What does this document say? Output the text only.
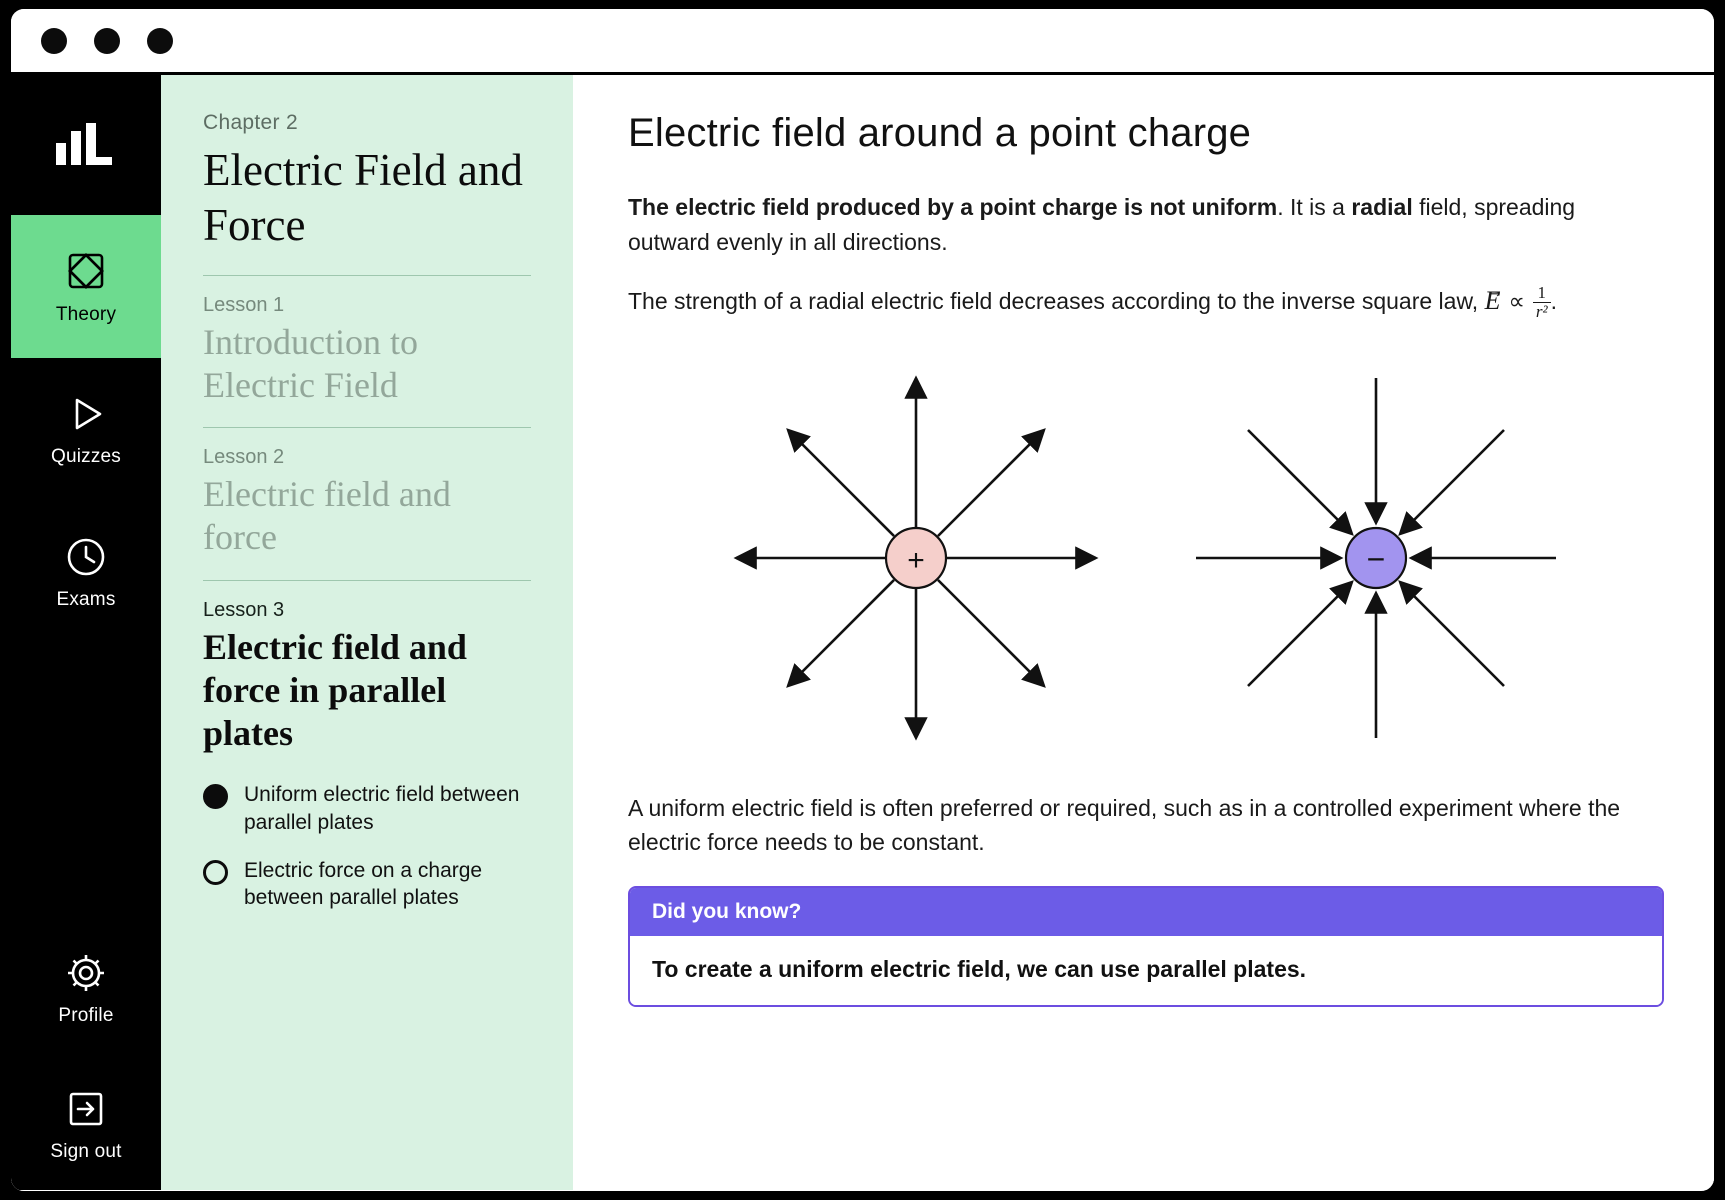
Theory
Quizzes
Exams
Profile
Sign out
Chapter 2
Electric Field and Force
Lesson 1
Introduction to Electric Field
Lesson 2
Electric field and force
Lesson 3
Electric field and force in parallel plates
Uniform electric field between parallel plates
Electric force on a charge between parallel plates
Electric field around a point charge

The electric field produced by a point charge is not uniform. It is a radial field, spreading outward evenly in all directions.

The strength of a radial electric field decreases according to the inverse square law, $E \propto \frac{1}{\text{r²}}$ .

+	−

A uniform electric field is often preferred or required, such as in a controlled experiment where the electric force needs to be constant.

Did you know?
To create a uniform electric field, we can use parallel plates.
